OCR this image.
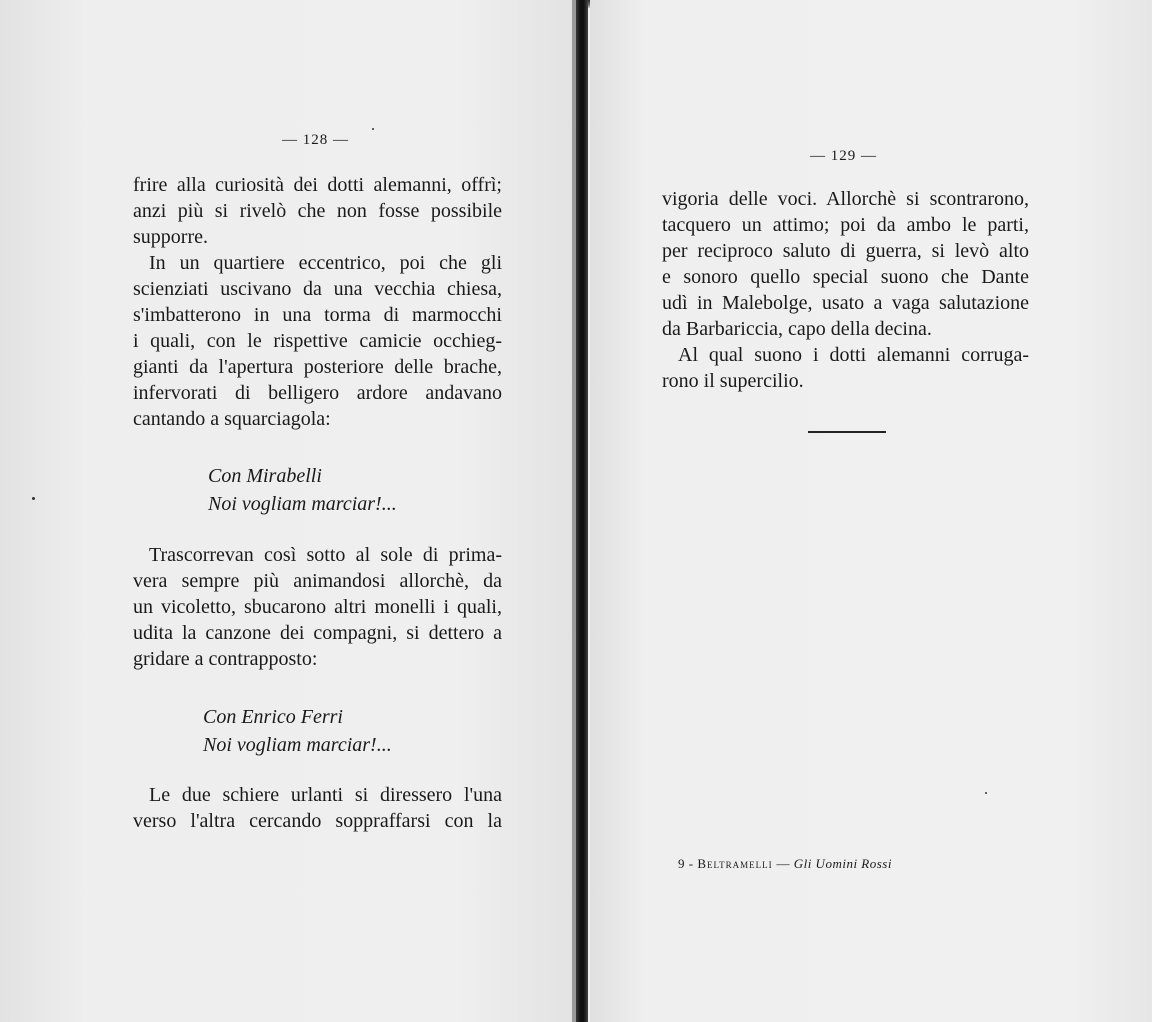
— 128 —
frire alla curiosità dei dotti alemanni, offrì;
anzi più si rivelò che non fosse possibile
supporre.
In un quartiere eccentrico, poi che gli
scienziati uscivano da una vecchia chiesa,
s'imbatterono in una torma di marmocchi
i quali, con le rispettive camicie occhieg-
gianti da l'apertura posteriore delle brache,
infervorati di belligero ardore andavano
cantando a squarciagola:
Con Mirabelli
Noi vogliam marciar!...
Trascorrevan così sotto al sole di prima-
vera sempre più animandosi allorchè, da
un vicoletto, sbucarono altri monelli i quali,
udita la canzone dei compagni, si dettero a
gridare a contrapposto:
Con Enrico Ferri
Noi vogliam marciar!...
Le due schiere urlanti si diressero l'una
verso l'altra cercando soppraffarsi con la
— 129 —
vigoria delle voci. Allorchè si scontrarono,
tacquero un attimo; poi da ambo le parti,
per reciproco saluto di guerra, si levò alto
e sonoro quello special suono che Dante
udì in Malebolge, usato a vaga salutazione
da Barbariccia, capo della decina.
Al qual suono i dotti alemanni corruga-
rono il supercilio.
9 - Beltramelli — Gli Uomini Rossi
